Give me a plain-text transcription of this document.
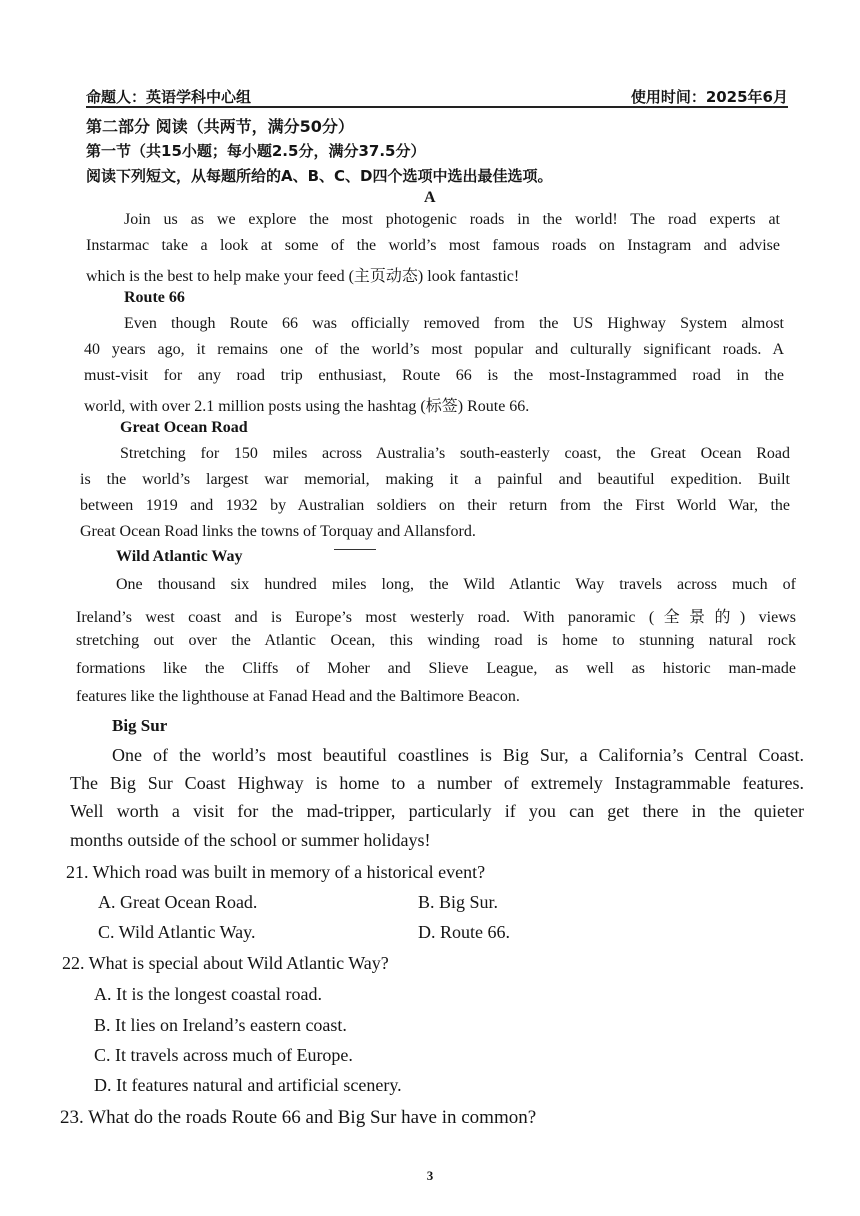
命题人：英语学科中心组	使用时间：2025年6月
第二部分 阅读（共两节，满分50分）
第一节（共15小题；每小题2.5分，满分37.5分）
阅读下列短文，从每题所给的A、B、C、D四个选项中选出最佳选项。
A
Join us as we explore the most photogenic roads in the world! The road experts at
Instarmac take a look at some of the world’s most famous roads on Instagram and advise
which is the best to help make your feed (主页动态) look fantastic!
Route 66
Even though Route 66 was officially removed from the US Highway System almost
40 years ago, it remains one of the world’s most popular and culturally significant roads. A
must-visit for any road trip enthusiast, Route 66 is the most-Instagrammed road in the
world, with over 2.1 million posts using the hashtag (标签) Route 66.
Great Ocean Road
Stretching for 150 miles across Australia’s south-easterly coast, the Great Ocean Road
is the world’s largest war memorial, making it a painful and beautiful expedition. Built
between 1919 and 1932 by Australian soldiers on their return from the First World War, the
Great Ocean Road links the towns of Torquay and Allansford.
Wild Atlantic Way
One thousand six hundred miles long, the Wild Atlantic Way travels across much of
Ireland’s west coast and is Europe’s most westerly road. With panoramic (全景的) views
stretching out over the Atlantic Ocean, this winding road is home to stunning natural rock
formations like the Cliffs of Moher and Slieve League, as well as historic man-made
features like the lighthouse at Fanad Head and the Baltimore Beacon.
Big Sur
One of the world’s most beautiful coastlines is Big Sur, a California’s Central Coast.
The Big Sur Coast Highway is home to a number of extremely Instagrammable features.
Well worth a visit for the mad-tripper, particularly if you can get there in the quieter
months outside of the school or summer holidays!
21. Which road was built in memory of a historical event?
A. Great Ocean Road.	B. Big Sur.
C. Wild Atlantic Way.	D. Route 66.
22. What is special about Wild Atlantic Way?
A. It is the longest coastal road.
B. It lies on Ireland’s eastern coast.
C. It travels across much of Europe.
D. It features natural and artificial scenery.
23. What do the roads Route 66 and Big Sur have in common?
3
